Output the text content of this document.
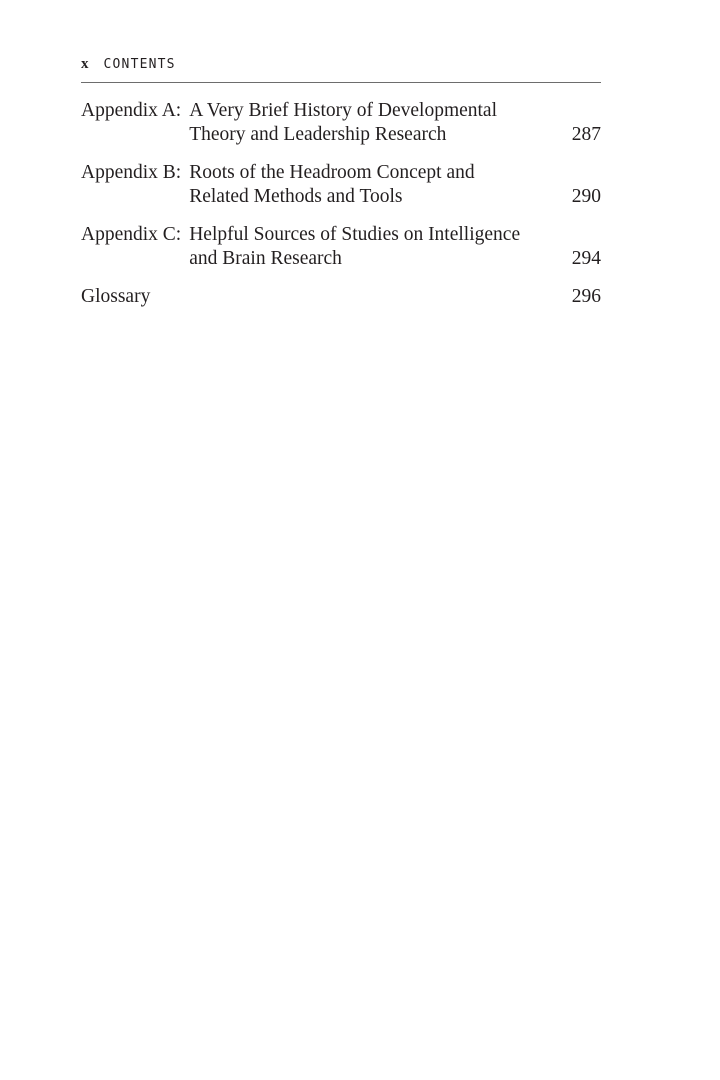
x CONTENTS
Appendix A: A Very Brief History of Developmental
Theory and Leadership Research	287
Appendix B: Roots of the Headroom Concept and
Related Methods and Tools	290
Appendix C: Helpful Sources of Studies on Intelligence
and Brain Research	294
Glossary	296
